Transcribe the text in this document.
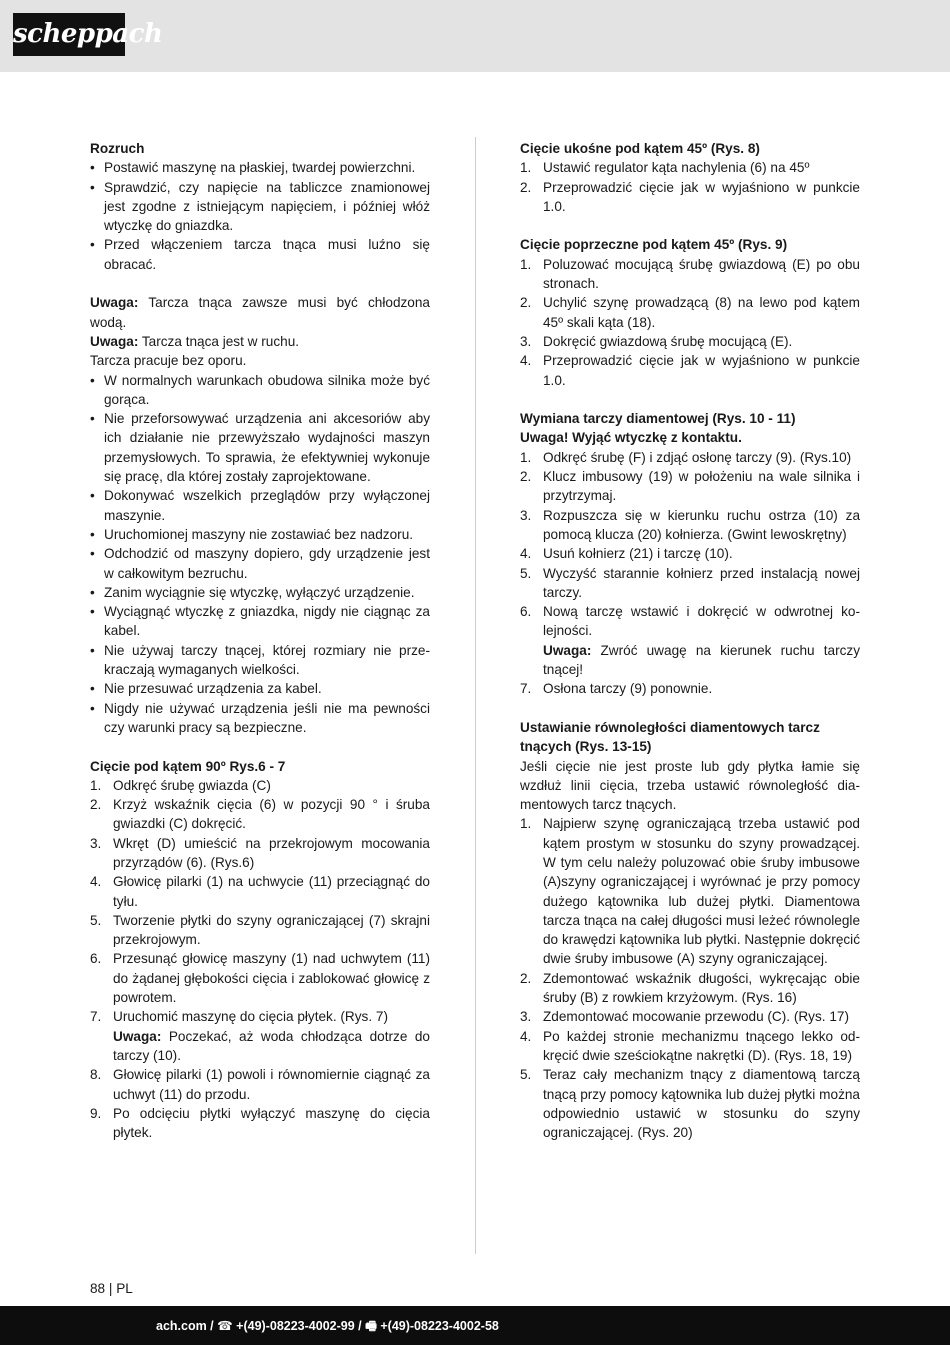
scheppach
Rozruch
• Postawić maszynę na płaskiej, twardej powierzchni.
• Sprawdzić, czy napięcie na tabliczce znamionowej jest zgodne z istniejącym napięciem, i później włóż wtyczkę do gniazdka.
• Przed włączeniem tarcza tnąca musi luźno się obracać.
Uwaga: Tarcza tnąca zawsze musi być chłodzona wodą.
Uwaga: Tarcza tnąca jest w ruchu.
Tarcza pracuje bez oporu.
• W normalnych warunkach obudowa silnika może być gorąca.
• Nie przeforsowywać urządzenia ani akcesoriów aby ich działanie nie przewyższało wydajności maszyn przemysłowych. To sprawia, że efektywniej wykonuje się pracę, dla której zostały zaprojektowane.
• Dokonywać wszelkich przeglądów przy wyłączonej maszynie.
• Uruchomionej maszyny nie zostawiać bez nadzoru.
• Odchodzić od maszyny dopiero, gdy urządzenie jest w całkowitym bezruchu.
• Zanim wyciągnie się wtyczkę, wyłączyć urządzenie.
• Wyciągnąć wtyczkę z gniazdka, nigdy nie ciągnąc za kabel.
• Nie używaj tarczy tnącej, której rozmiary nie przekraczają wymaganych wielkości.
• Nie przesuwać urządzenia za kabel.
• Nigdy nie używać urządzenia jeśli nie ma pewności czy warunki pracy są bezpieczne.
Cięcie pod kątem 90º Rys.6 - 7
1. Odkręć śrubę gwiazda (C)
2. Krzyż wskaźnik cięcia (6) w pozycji 90 ° i śruba gwiazdki (C) dokręcić.
3. Wkręt (D) umieścić na przekrojowym mocowania przyrządów (6). (Rys.6)
4. Głowicę pilarki (1) na uchwycie (11) przeciągnąć do tyłu.
5. Tworzenie płytki do szyny ograniczającej (7) skrajni przekrojowym.
6. Przesunąć głowicę maszyny (1) nad uchwytem (11) do żądanej głębokości cięcia i zablokować głowicę z powrotem.
7. Uruchomić maszynę do cięcia płytek. (Rys. 7)
Uwaga: Poczekać, aż woda chłodząca dotrze do tarczy (10).
8. Głowicę pilarki (1) powoli i równomiernie ciągnąć za uchwyt (11) do przodu.
9. Po odcięciu płytki wyłączyć maszynę do cięcia płytek.
Cięcie ukośne pod kątem 45º (Rys. 8)
1. Ustawić regulator kąta nachylenia (6) na 45º
2. Przeprowadzić cięcie jak w wyjaśniono w punkcie 1.0.
Cięcie poprzeczne pod kątem 45º (Rys. 9)
1. Poluzować mocującą śrubę gwiazdową (E) po obu stronach.
2. Uchylić szynę prowadzącą (8) na lewo pod kątem 45º skali kąta (18).
3. Dokręcić gwiazdową śrubę mocującą (E).
4. Przeprowadzić cięcie jak w wyjaśniono w punkcie 1.0.
Wymiana tarczy diamentowej (Rys. 10 - 11)
Uwaga! Wyjąć wtyczkę z kontaktu.
1. Odkręć śrubę (F) i zdjąć osłonę tarczy (9). (Rys.10)
2. Klucz imbusowy (19) w położeniu na wale silnika i przytrzymaj.
3. Rozpuszcza się w kierunku ruchu ostrza (10) za pomocą klucza (20) kołnierza. (Gwint lewoskrętny)
4. Usuń kołnierz (21) i tarczę (10).
5. Wyczyść starannie kołnierz przed instalacją nowej tarczy.
6. Nową tarczę wstawić i dokręcić w odwrotnej kolejności.
Uwaga: Zwróć uwagę na kierunek ruchu tarczy tnącej!
7. Osłona tarczy (9) ponownie.
Ustawianie równoległości diamentowych tarcz tnących (Rys. 13-15)
Jeśli cięcie nie jest proste lub gdy płytka łamie się wzdłuż linii cięcia, trzeba ustawić równoległość diamentowych tarcz tnących.
1. Najpierw szynę ograniczającą trzeba ustawić pod kątem prostym w stosunku do szyny prowadzącej. W tym celu należy poluzować obie śruby imbusowe (A)szyny ograniczającej i wyrównać je przy pomocy dużego kątownika lub dużej płytki. Diamentowa tarcza tnąca na całej długości musi leżeć równolegle do krawędzi kątownika lub płytki. Następnie dokręcić dwie śruby imbusowe (A) szyny ograniczającej.
2. Zdemontować wskaźnik długości, wykręcając obie śruby (B) z rowkiem krzyżowym. (Rys. 16)
3. Zdemontować mocowanie przewodu (C). (Rys. 17)
4. Po każdej stronie mechanizmu tnącego lekko odkręcić dwie sześciokątne nakrętki (D). (Rys. 18, 19)
5. Teraz cały mechanizm tnący z diamentową tarczą tnącą przy pomocy kątownika lub dużej płytki można odpowiednio ustawić w stosunku do szyny ograniczającej. (Rys. 20)
88 | PL
ach.com / ☎ +(49)-08223-4002-99 / 🖷 +(49)-08223-4002-58
